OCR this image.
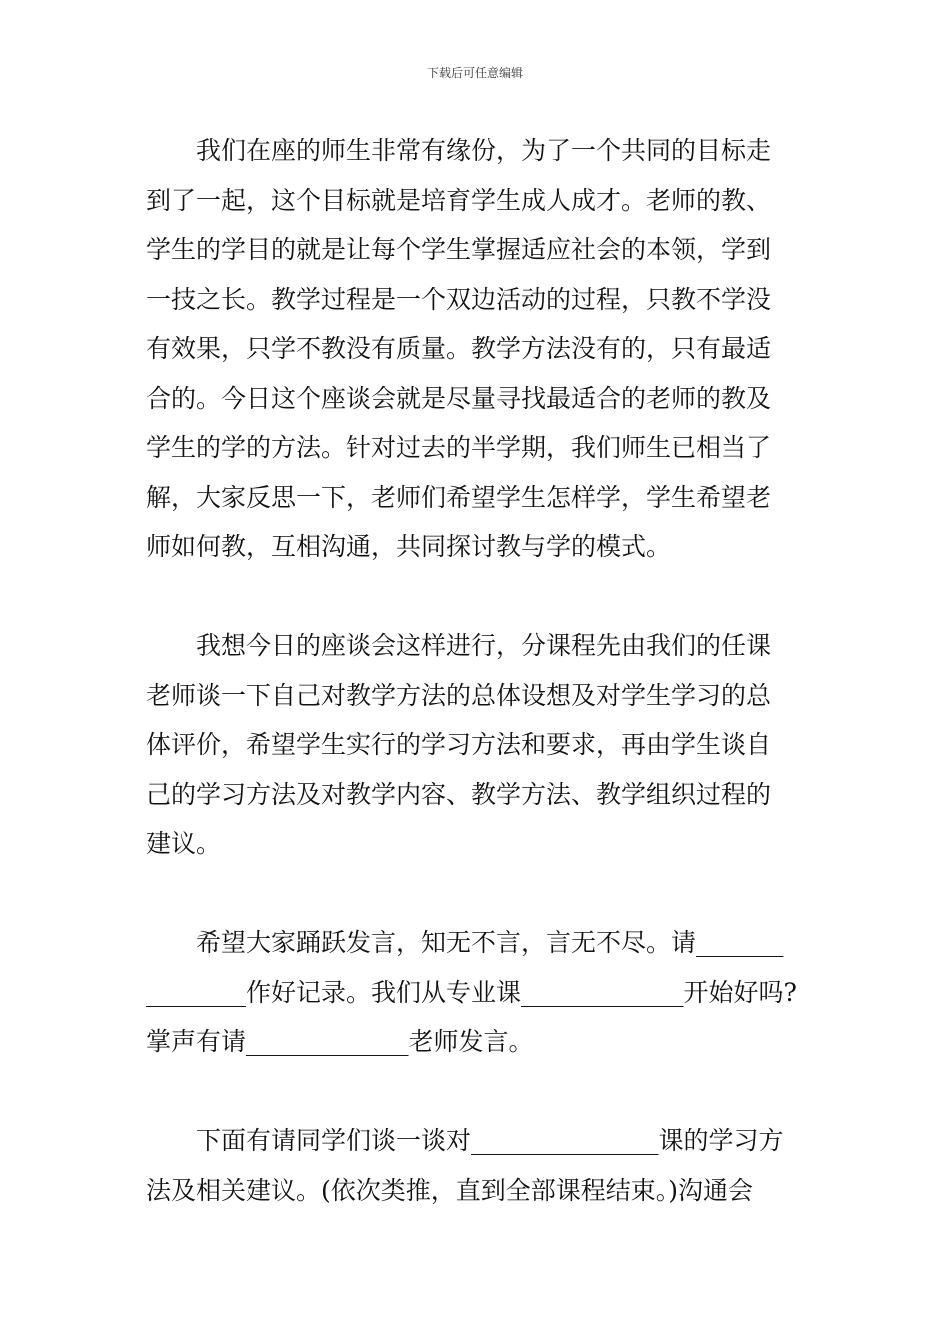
下载后可任意编辑
我们在座的师生非常有缘份，为了一个共同的目标走
到了一起，这个目标就是培育学生成人成才。老师的教、
学生的学目的就是让每个学生掌握适应社会的本领，学到
一技之长。教学过程是一个双边活动的过程，只教不学没
有效果，只学不教没有质量。教学方法没有的，只有最适
合的。今日这个座谈会就是尽量寻找最适合的老师的教及
学生的学的方法。针对过去的半学期，我们师生已相当了
解，大家反思一下，老师们希望学生怎样学，学生希望老
师如何教，互相沟通，共同探讨教与学的模式。
我想今日的座谈会这样进行，分课程先由我们的任课
老师谈一下自己对教学方法的总体设想及对学生学习的总
体评价，希望学生实行的学习方法和要求，再由学生谈自
己的学习方法及对教学内容、教学方法、教学组织过程的
建议。
希望大家踊跃发言，知无不言，言无不尽。请_______
________作好记录。我们从专业课_____________开始好吗?
掌声有请_____________老师发言。
下面有请同学们谈一谈对_______________课的学习方
法及相关建议。(依次类推，直到全部课程结束。)沟通会
